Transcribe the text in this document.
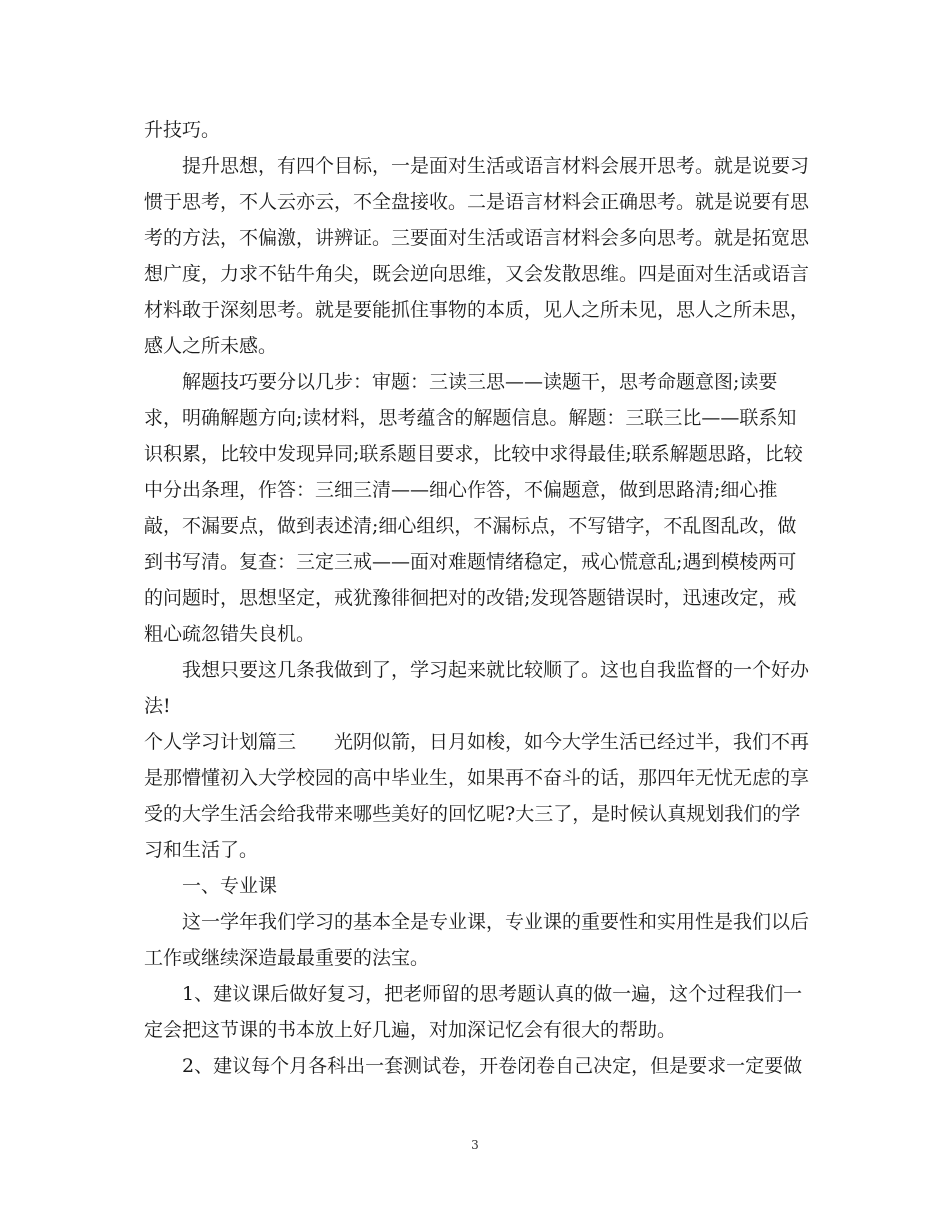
升技巧。
提升思想，有四个目标，一是面对生活或语言材料会展开思考。就是说要习
惯于思考，不人云亦云，不全盘接收。二是语言材料会正确思考。就是说要有思
考的方法，不偏激，讲辨证。三要面对生活或语言材料会多向思考。就是拓宽思
想广度，力求不钻牛角尖，既会逆向思维，又会发散思维。四是面对生活或语言
材料敢于深刻思考。就是要能抓住事物的本质，见人之所未见，思人之所未思，
感人之所未感。
解题技巧要分以几步：审题：三读三思——读题干，思考命题意图;读要
求，明确解题方向;读材料，思考蕴含的解题信息。解题：三联三比——联系知
识积累，比较中发现异同;联系题目要求，比较中求得最佳;联系解题思路，比较
中分出条理，作答：三细三清——细心作答，不偏题意，做到思路清;细心推
敲，不漏要点，做到表述清;细心组织，不漏标点，不写错字，不乱图乱改，做
到书写清。复查：三定三戒——面对难题情绪稳定，戒心慌意乱;遇到模棱两可
的问题时，思想坚定，戒犹豫徘徊把对的改错;发现答题错误时，迅速改定，戒
粗心疏忽错失良机。
我想只要这几条我做到了，学习起来就比较顺了。这也自我监督的一个好办
法!
个人学习计划篇三　　光阴似箭，日月如梭，如今大学生活已经过半，我们不再
是那懵懂初入大学校园的高中毕业生，如果再不奋斗的话，那四年无忧无虑的享
受的大学生活会给我带来哪些美好的回忆呢?大三了，是时候认真规划我们的学
习和生活了。
一、专业课
这一学年我们学习的基本全是专业课，专业课的重要性和实用性是我们以后
工作或继续深造最最重要的法宝。
1、建议课后做好复习，把老师留的思考题认真的做一遍，这个过程我们一
定会把这节课的书本放上好几遍，对加深记忆会有很大的帮助。
2、建议每个月各科出一套测试卷，开卷闭卷自己决定，但是要求一定要做
3
